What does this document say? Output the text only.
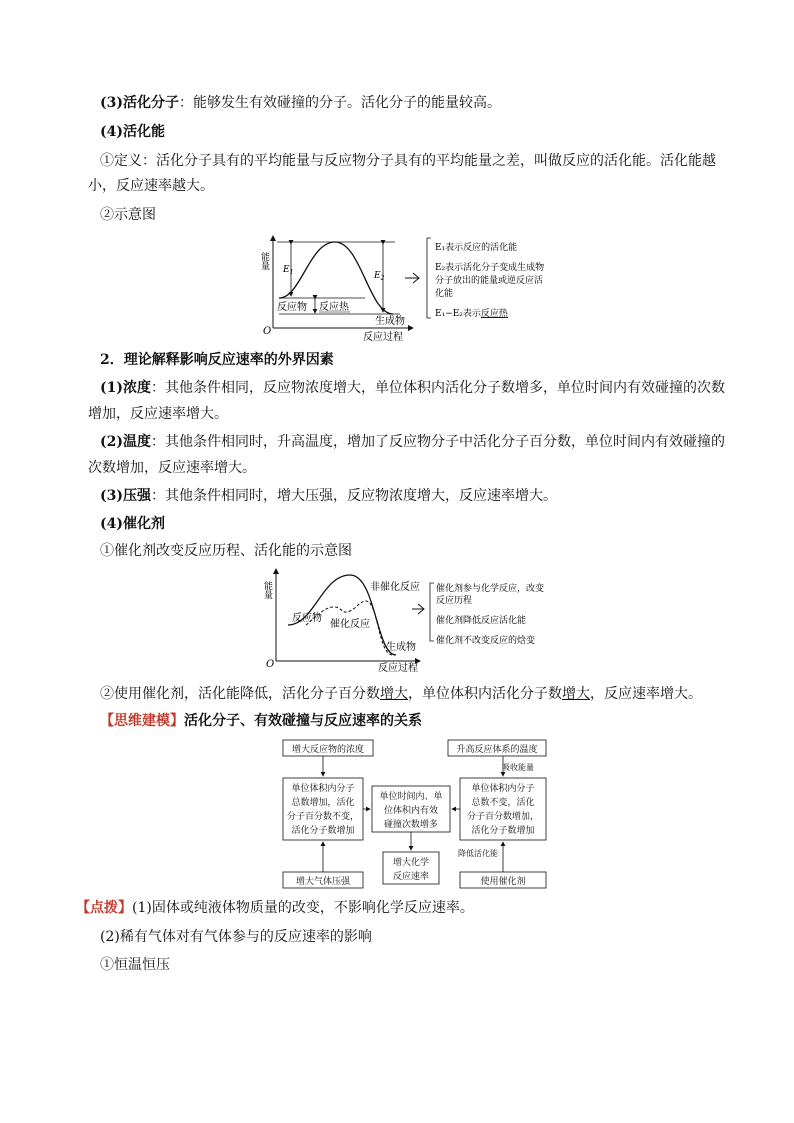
(3)活化分子：能够发生有效碰撞的分子。活化分子的能量较高。
(4)活化能
①定义：活化分子具有的平均能量与反应物分子具有的平均能量之差，叫做反应的活化能。活化能越
小，反应速率越大。
②示意图
能量
O
$E_1$	$E_2$
反应物 反应热
生成物
反应过程
E₁表示反应的活化能
E₂表示活化分子变成生成物
分子放出的能量或逆反应活
化能
E₁−E₂表示反应热
2．理论解释影响反应速率的外界因素
(1)浓度：其他条件相同，反应物浓度增大，单位体积内活化分子数增多，单位时间内有效碰撞的次数
增加，反应速率增大。
(2)温度：其他条件相同时，升高温度，增加了反应物分子中活化分子百分数，单位时间内有效碰撞的
次数增加，反应速率增大。
(3)压强：其他条件相同时，增大压强，反应物浓度增大，反应速率增大。
(4)催化剂
①催化剂改变反应历程、活化能的示意图
能量
O
非催化反应
催化反应
反应物
生成物
反应过程
催化剂参与化学反应，改变
反应历程
催化剂降低反应活化能
催化剂不改变反应的焓变
②使用催化剂，活化能降低，活化分子百分数增大，单位体积内活化分子数增大，反应速率增大。
【思维建模】活化分子、有效碰撞与反应速率的关系
增大反应物的浓度	升高反应体系的温度
吸收能量
单位体积内分子
总数增加，活化
分子百分数不变，
活化分子数增加
单位时间内、单
位体积内有效
碰撞次数增多
单位体积内分子
总数不变，活化
分子百分数增加，
活化分子数增加
降低活化能
增大化学
反应速率
增大气体压强	使用催化剂
【点拨】(1)固体或纯液体物质量的改变，不影响化学反应速率。
(2)稀有气体对有气体参与的反应速率的影响
①恒温恒压
